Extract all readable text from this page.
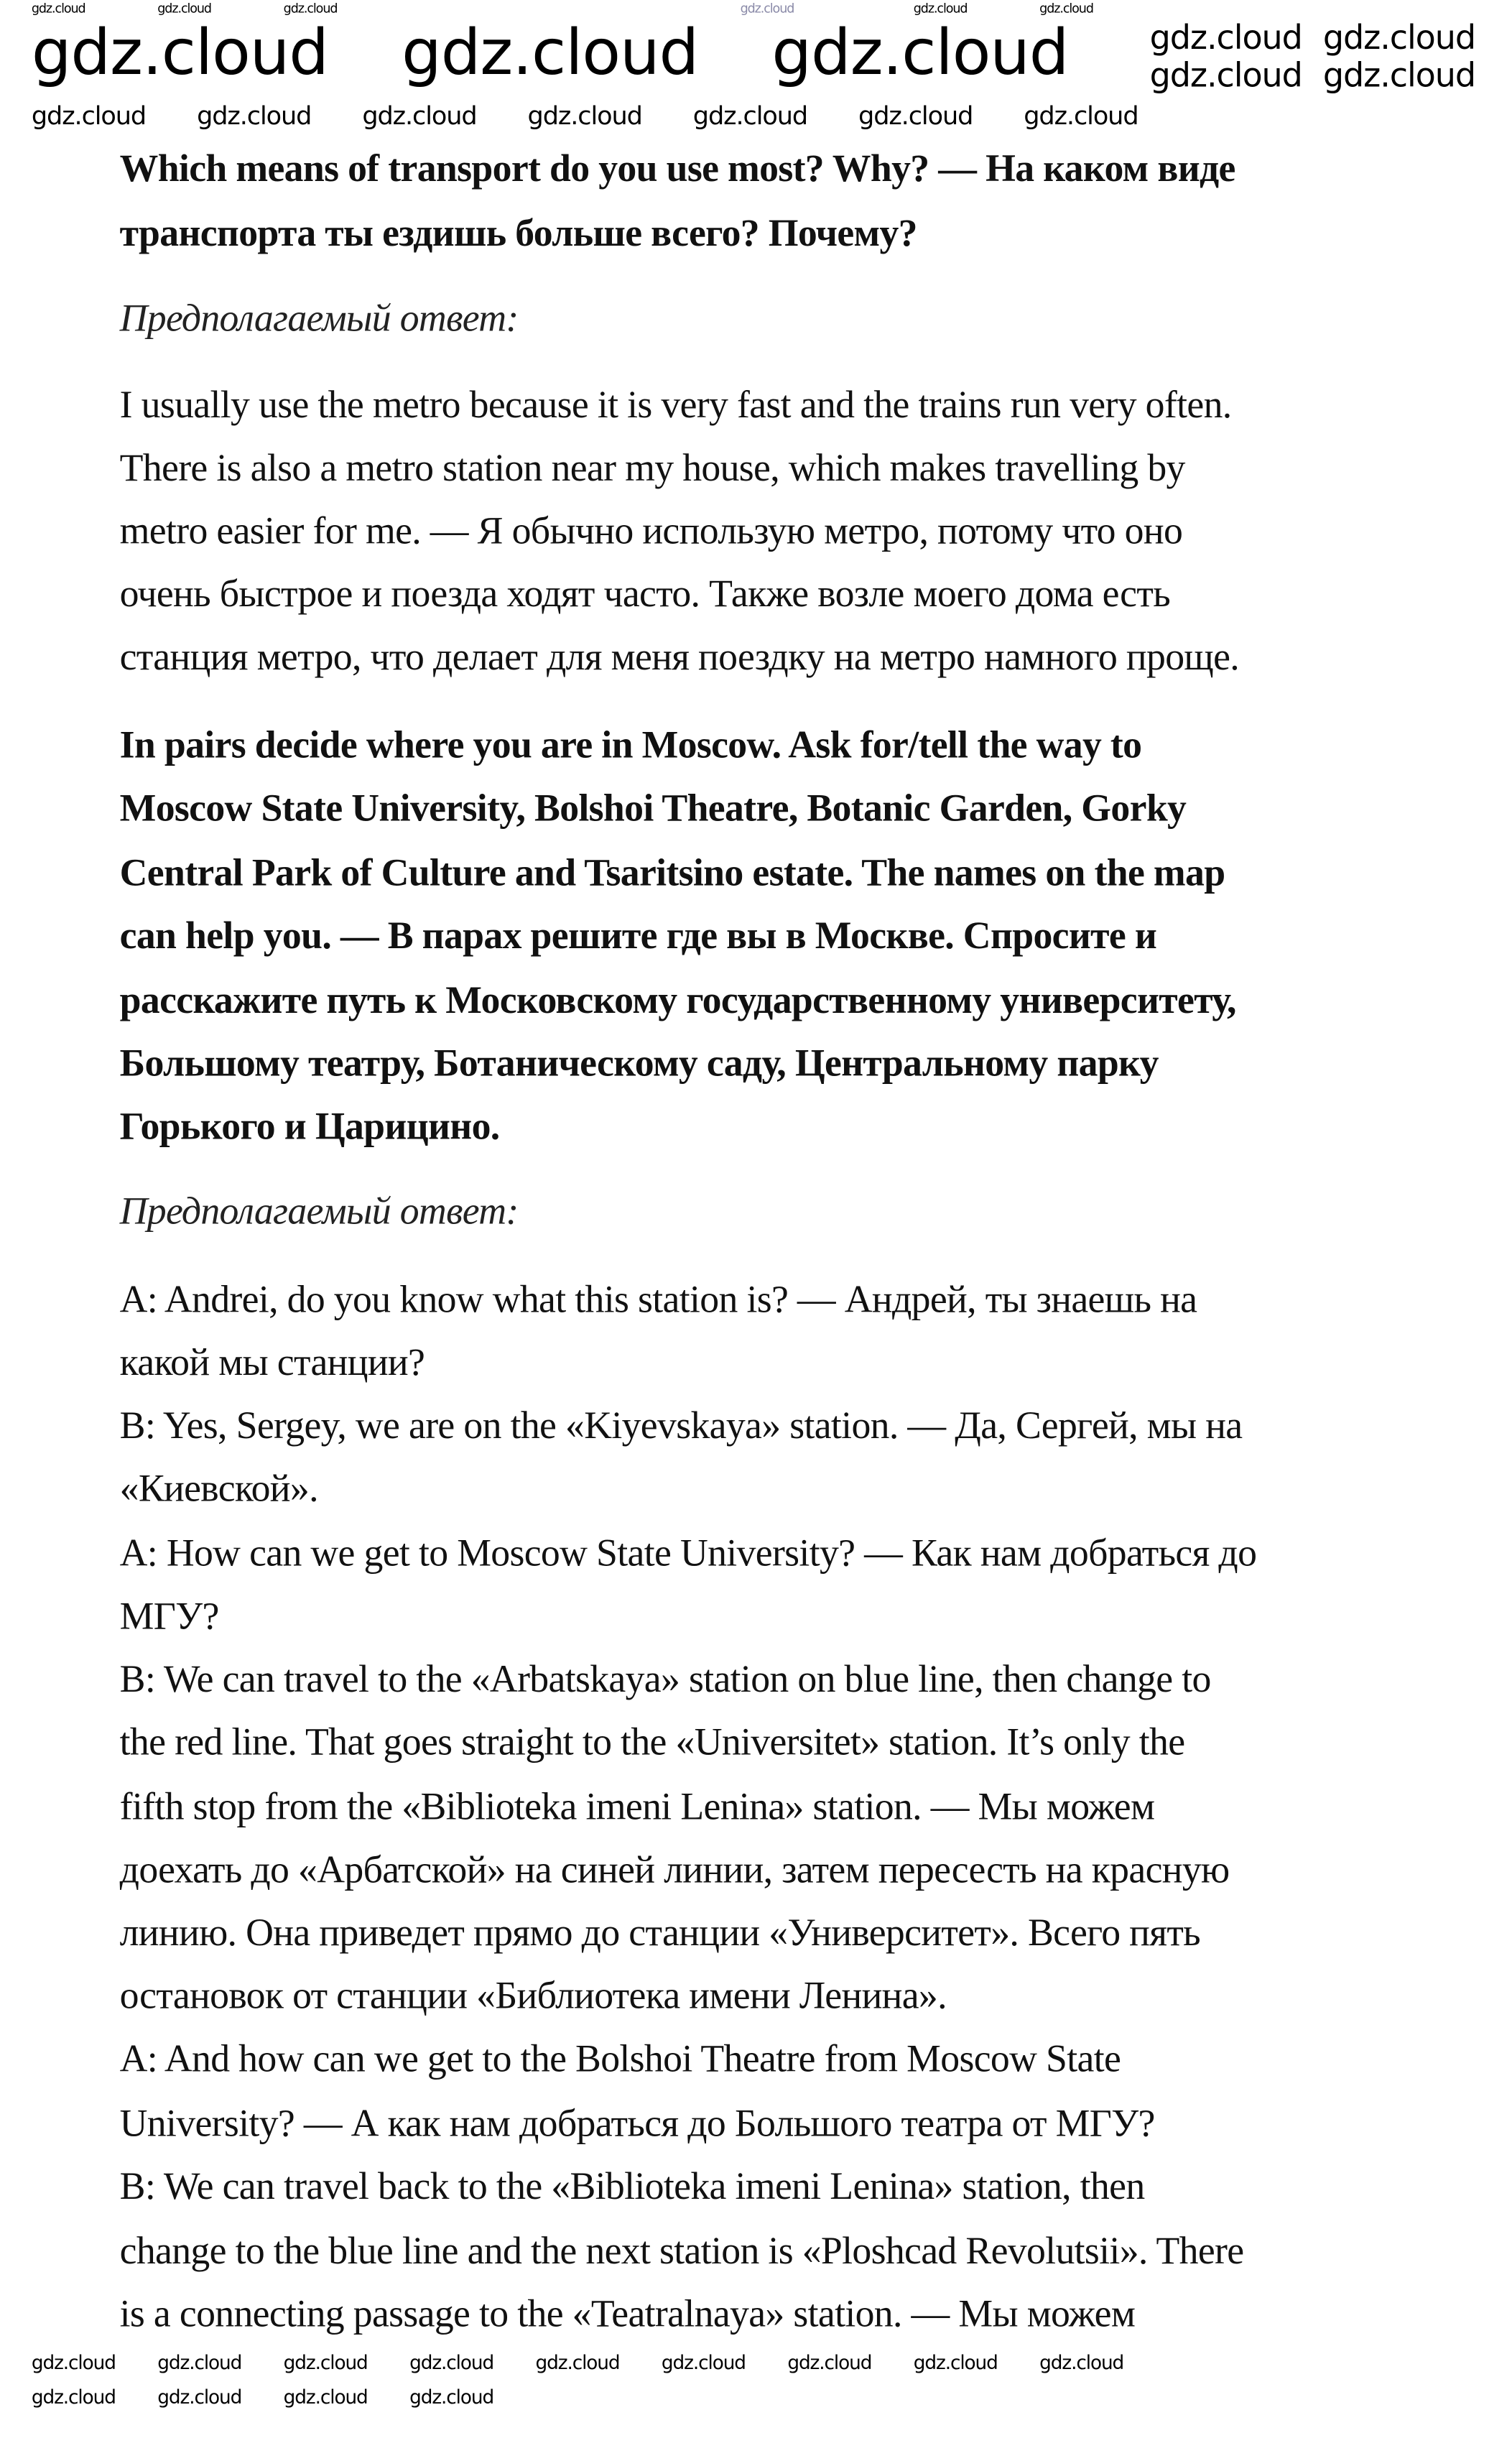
Which means of transport do you use most? Why? — На каком виде
транспорта ты ездишь больше всего? Почему?
Предполагаемый ответ:
I usually use the metro because it is very fast and the trains run very often.
There is also a metro station near my house, which makes travelling by
metro easier for me. — Я обычно использую метро, потому что оно
очень быстрое и поезда ходят часто. Также возле моего дома есть
станция метро, что делает для меня поездку на метро намного проще.
In pairs decide where you are in Moscow. Ask for/tell the way to
Moscow State University, Bolshoi Theatre, Botanic Garden, Gorky
Central Park of Culture and Tsaritsino estate. The names on the map
can help you. — В парах решите где вы в Москве. Спросите и
расскажите путь к Московскому государственному университету,
Большому театру, Ботаническому саду, Центральному парку
Горького и Царицино.
Предполагаемый ответ:
A: Andrei, do you know what this station is? — Андрей, ты знаешь на
какой мы станции?
B: Yes, Sergey, we are on the «Kiyevskaya» station. — Да, Сергей, мы на
«Киевской».
A: How can we get to Moscow State University? — Как нам добраться до
МГУ?
B: We can travel to the «Arbatskaya» station on blue line, then change to
the red line. That goes straight to the «Universitet» station. It’s only the
fifth stop from the «Biblioteka imeni Lenina» station. — Мы можем
доехать до «Арбатской» на синей линии, затем пересесть на красную
линию. Она приведет прямо до станции «Университет». Всего пять
остановок от станции «Библиотека имени Ленина».
A: And how can we get to the Bolshoi Theatre from Moscow State
University? — А как нам добраться до Большого театра от МГУ?
B: We can travel back to the «Biblioteka imeni Lenina» station, then
change to the blue line and the next station is «Ploshcad Revolutsii». There
is a connecting passage to the «Teatralnaya» station. — Мы можем
gdz.cloud
gdz.cloud	gdz.cloud	gdz.cloud	gdz.cloud	gdz.cloud
gdz.cloud	gdz.cloud	gdz.cloud	gdz.cloud gdz.cloud
gdz.cloud gdz.cloud
gdz.cloud	gdz.cloud	gdz.cloud	gdz.cloud	gdz.cloud	gdz.cloud	gdz.cloud
gdz.cloud	gdz.cloud	gdz.cloud	gdz.cloud	gdz.cloud	gdz.cloud	gdz.cloud	gdz.cloud	gdz.cloud
gdz.cloud	gdz.cloud	gdz.cloud	gdz.cloud
